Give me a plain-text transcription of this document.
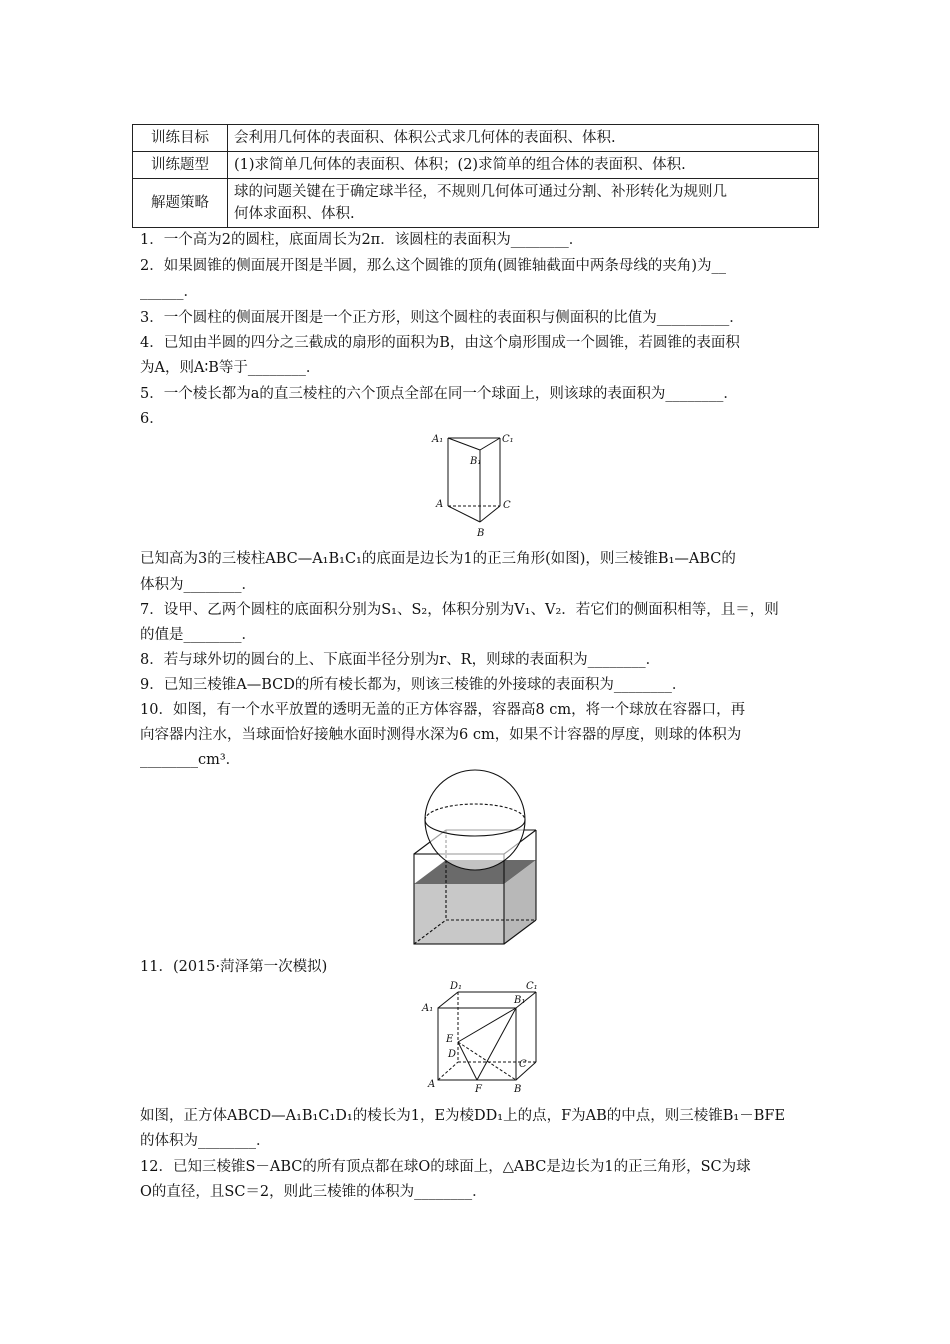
训练目标	会利用几何体的表面积、体积公式求几何体的表面积、体积.
训练题型	(1)求简单几何体的表面积、体积；(2)求简单的组合体的表面积、体积.
解题策略	球的问题关键在于确定球半径，不规则几何体可通过分割、补形转化为规则几
何体求面积、体积.
1．一个高为2的圆柱，底面周长为2π．该圆柱的表面积为________．
2．如果圆锥的侧面展开图是半圆，那么这个圆锥的顶角(圆锥轴截面中两条母线的夹角)为__
______．
3．一个圆柱的侧面展开图是一个正方形，则这个圆柱的表面积与侧面积的比值为__________．
4．已知由半圆的四分之三截成的扇形的面积为B，由这个扇形围成一个圆锥，若圆锥的表面积
为A，则A∶B等于________．
5．一个棱长都为a的直三棱柱的六个顶点全部在同一个球面上，则该球的表面积为________．
6．
A₁	C₁
B₁
A	C
B
已知高为3的三棱柱ABC—A₁B₁C₁的底面是边长为1的正三角形(如图)，则三棱锥B₁—ABC的
体积为________．
7．设甲、乙两个圆柱的底面积分别为S₁、S₂，体积分别为V₁、V₂．若它们的侧面积相等，且＝，则
的值是________．
8．若与球外切的圆台的上、下底面半径分别为r、R，则球的表面积为________．
9．已知三棱锥A—BCD的所有棱长都为，则该三棱锥的外接球的表面积为________．
10．如图，有一个水平放置的透明无盖的正方体容器，容器高8 cm，将一个球放在容器口，再
向容器内注水，当球面恰好接触水面时测得水深为6 cm，如果不计容器的厚度，则球的体积为
________cm³．
11．(2015·菏泽第一次模拟)
D₁	C₁
A₁
B₁
E
D
C
A	F	B
如图，正方体ABCD—A₁B₁C₁D₁的棱长为1，E为棱DD₁上的点，F为AB的中点，则三棱锥B₁－BFE
的体积为________．
12．已知三棱锥S－ABC的所有顶点都在球O的球面上，△ABC是边长为1的正三角形，SC为球
O的直径，且SC＝2，则此三棱锥的体积为________．
